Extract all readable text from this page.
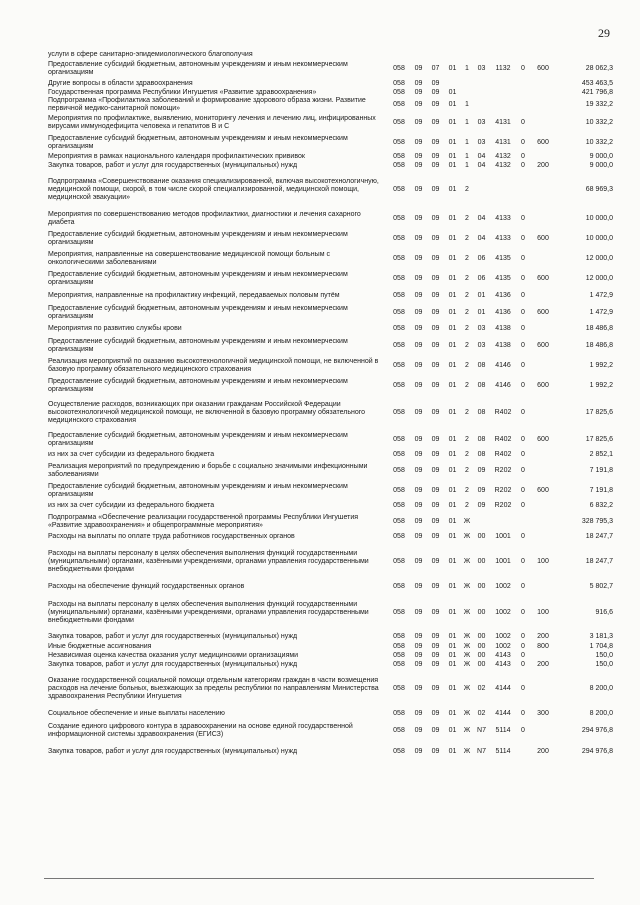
29
услуги в сфере санитарно-эпидемиологического благополучия										
Предоставление субсидий бюджетным, автономным учреждениям и иным некоммерческим организациям	058	09	07	01	1	03	1132	0	600	28 062,3
Другие вопросы в области здравоохранения	058	09	09							453 463,5
Государственная программа Республики Ингушетия «Развитие здравоохранения»	058	09	09	01						421 796,8
Подпрограмма «Профилактика заболеваний и формирование здорового образа жизни. Развитие первичной медико-санитарной помощи»	058	09	09	01	1					19 332,2
Мероприятия по профилактике, выявлению, мониторингу лечения и лечению лиц, инфицированных вирусами иммунодефицита человека и гепатитов В и С	058	09	09	01	1	03	4131	0		10 332,2
Предоставление субсидий бюджетным, автономным учреждениям и иным некоммерческим организациям	058	09	09	01	1	03	4131	0	600	10 332,2
Мероприятия в рамках национального календаря профилактических прививок	058	09	09	01	1	04	4132	0		9 000,0
Закупка товаров, работ и услуг для государственных (муниципальных) нужд	058	09	09	01	1	04	4132	0	200	9 000,0
Подпрограмма «Совершенствование оказания специализированной, включая высокотехнологичную, медицинской помощи, скорой, в том числе скорой специализированной, медицинской помощи, медицинской эвакуации»	058	09	09	01	2					68 969,3
Мероприятия по совершенствованию методов профилактики, диагностики и лечения сахарного диабета	058	09	09	01	2	04	4133	0		10 000,0
Предоставление субсидий бюджетным, автономным учреждениям и иным некоммерческим организациям	058	09	09	01	2	04	4133	0	600	10 000,0
Мероприятия, направленные на совершенствование медицинской помощи больным с онкологическими заболеваниями	058	09	09	01	2	06	4135	0		12 000,0
Предоставление субсидий бюджетным, автономным учреждениям и иным некоммерческим организациям	058	09	09	01	2	06	4135	0	600	12 000,0
Мероприятия, направленные на профилактику инфекций, передаваемых половым путём	058	09	09	01	2	01	4136	0		1 472,9
Предоставление субсидий бюджетным, автономным учреждениям и иным некоммерческим организациям	058	09	09	01	2	01	4136	0	600	1 472,9
Мероприятия по развитию службы крови	058	09	09	01	2	03	4138	0		18 486,8
Предоставление субсидий бюджетным, автономным учреждениям и иным некоммерческим организациям	058	09	09	01	2	03	4138	0	600	18 486,8
Реализация мероприятий по оказанию высокотехнологичной медицинской помощи, не включенной в базовую программу обязательного медицинского страхования	058	09	09	01	2	08	4146	0		1 992,2
Предоставление субсидий бюджетным, автономным учреждениям и иным некоммерческим организациям	058	09	09	01	2	08	4146	0	600	1 992,2
Осуществление расходов, возникающих при оказании гражданам Российской Федерации высокотехнологичной медицинской помощи, не включенной в базовую программу обязательного медицинского страхования	058	09	09	01	2	08	R402	0		17 825,6
Предоставление субсидий бюджетным, автономным учреждениям и иным некоммерческим организациям	058	09	09	01	2	08	R402	0	600	17 825,6
из них за счет субсидии из федерального бюджета	058	09	09	01	2	08	R402	0		2 852,1
Реализация мероприятий по предупреждению и борьбе с социально значимыми инфекционными заболеваниями	058	09	09	01	2	09	R202	0		7 191,8
Предоставление субсидий бюджетным, автономным учреждениям и иным некоммерческим организациям	058	09	09	01	2	09	R202	0	600	7 191,8
из них за счет субсидии из федерального бюджета	058	09	09	01	2	09	R202	0		6 832,2
Подпрограмма «Обеспечение реализации государственной программы Республики Ингушетия «Развитие здравоохранения» и общепрограммные мероприятия»	058	09	09	01	Ж					328 795,3
Расходы на выплаты по оплате труда работников государственных органов	058	09	09	01	Ж	00	1001	0		18 247,7
Расходы на выплаты персоналу в целях обеспечения выполнения функций государственными (муниципальными) органами, казёнными учреждениями, органами управления государственными внебюджетными фондами	058	09	09	01	Ж	00	1001	0	100	18 247,7
Расходы на обеспечение функций государственных органов	058	09	09	01	Ж	00	1002	0		5 802,7
Расходы на выплаты персоналу в целях обеспечения выполнения функций государственными (муниципальными) органами, казёнными учреждениями, органами управления государственными внебюджетными фондами	058	09	09	01	Ж	00	1002	0	100	916,6
Закупка товаров, работ и услуг для государственных (муниципальных) нужд	058	09	09	01	Ж	00	1002	0	200	3 181,3
Иные бюджетные ассигнования	058	09	09	01	Ж	00	1002	0	800	1 704,8
Независимая оценка качества оказания услуг медицинскими организациями	058	09	09	01	Ж	00	4143	0		150,0
Закупка товаров, работ и услуг для государственных (муниципальных) нужд	058	09	09	01	Ж	00	4143	0	200	150,0
Оказание государственной социальной помощи отдельным категориям граждан в части возмещения расходов на лечение больных, выезжающих за пределы республики по направлениям Министерства здравоохранения Республики Ингушетия	058	09	09	01	Ж	02	4144	0		8 200,0
Социальное обеспечение и иные выплаты населению	058	09	09	01	Ж	02	4144	0	300	8 200,0
Создание единого цифрового контура в здравоохранении на основе единой государственной информационной системы здравоохранения (ЕГИСЗ)	058	09	09	01	Ж	N7	5114	0		294 976,8
Закупка товаров, работ и услуг для государственных (муниципальных) нужд	058	09	09	01	Ж	N7	5114		200	294 976,8
